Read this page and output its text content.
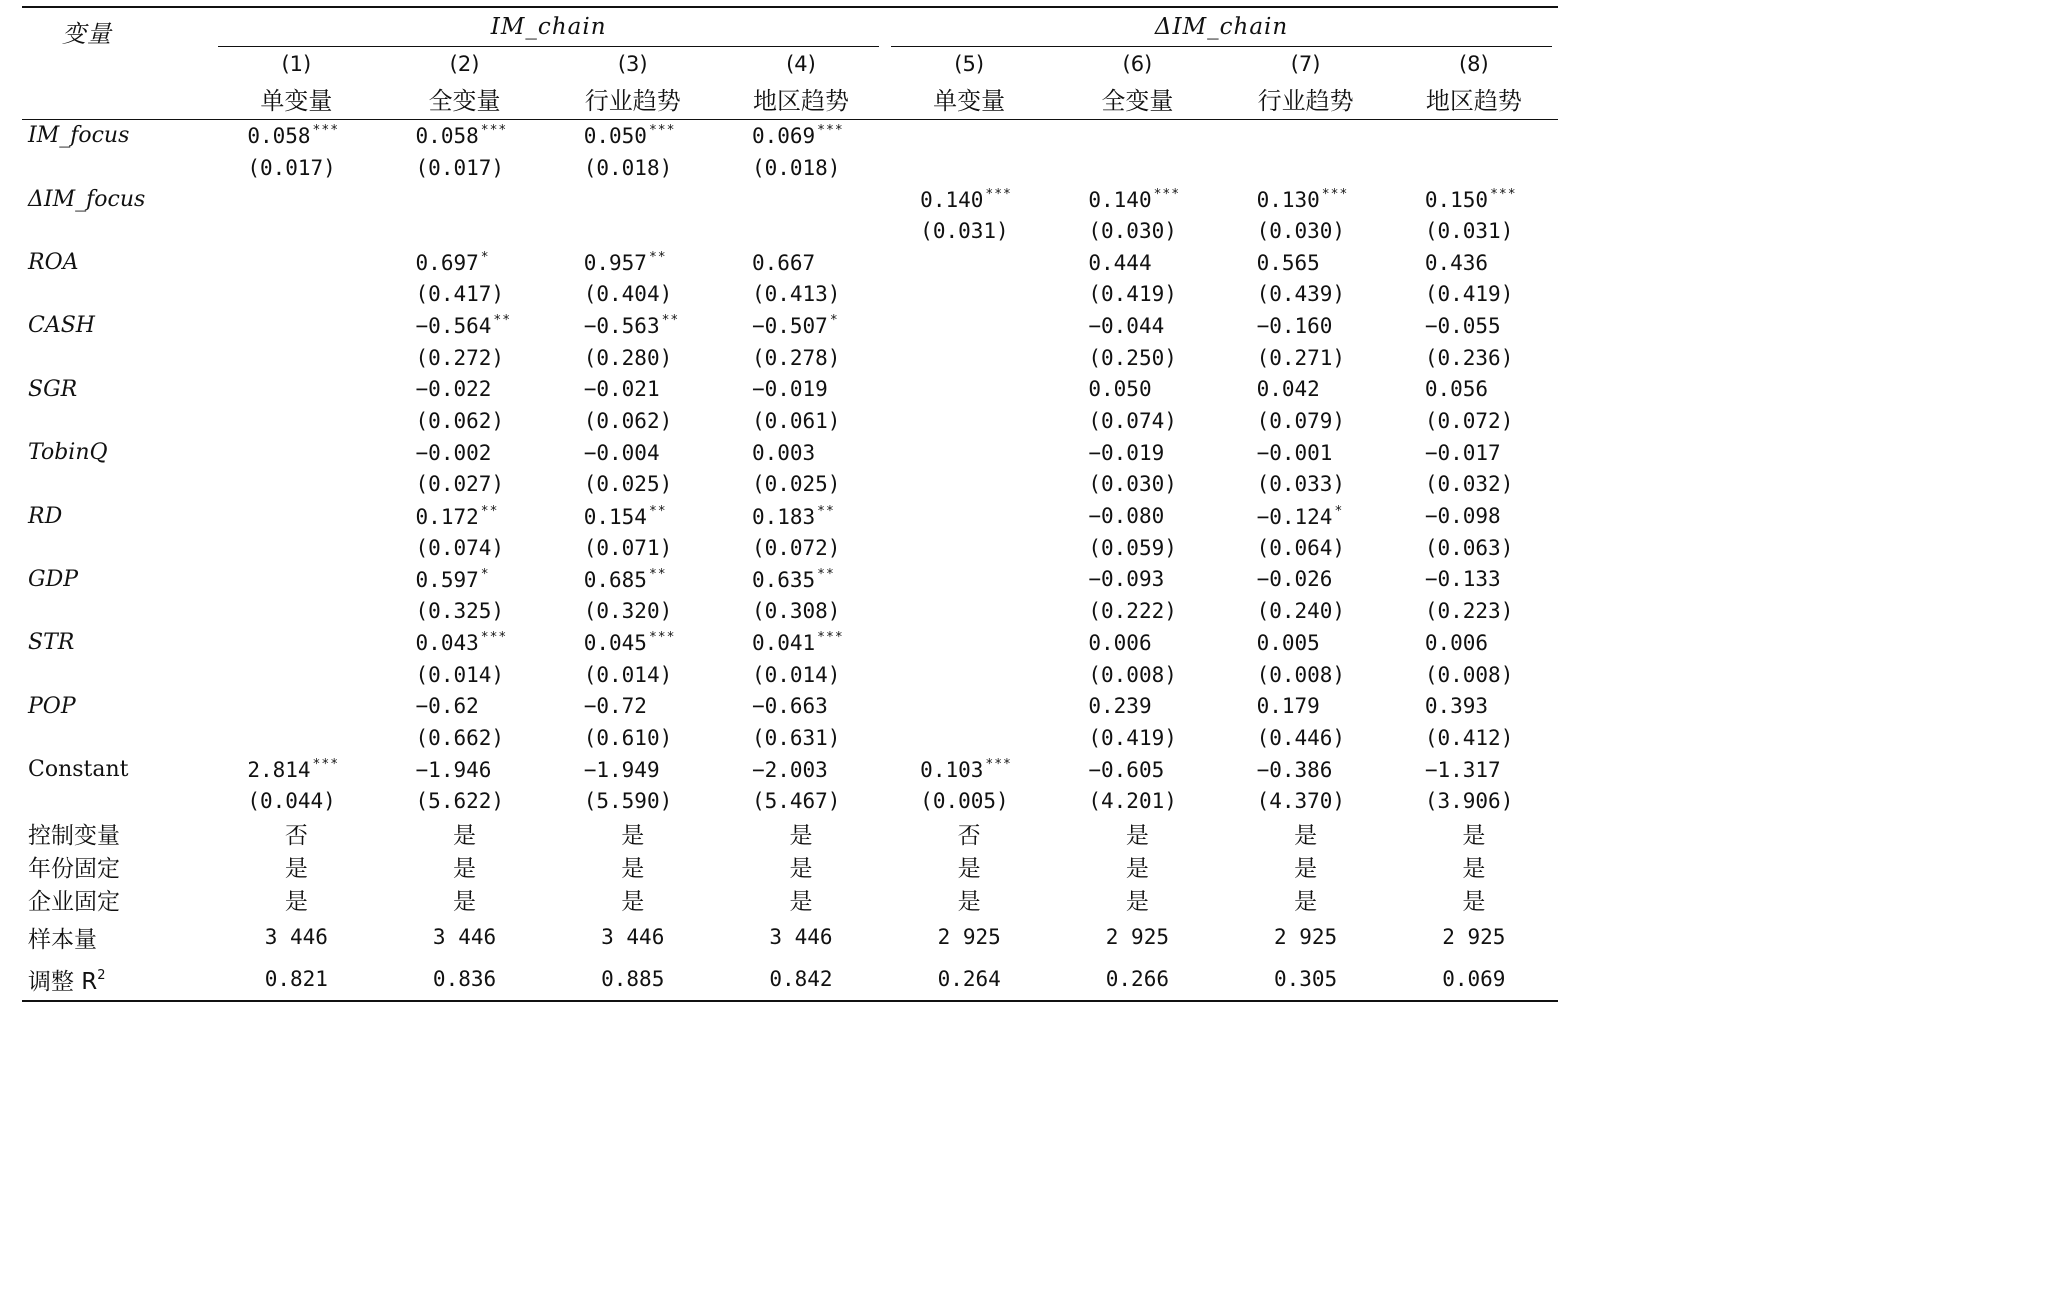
变量	IM_chain				ΔIM_chain			

	(1)	(2)	(3)	(4)	(5)	(6)	(7)	(8)
	单变量	全变量	行业趋势	地区趋势	单变量	全变量	行业趋势	地区趋势
IM_focus	0.058 ***	0.058 ***	0.050 ***	0.069 ***				
	(0.017)	(0.017)	(0.018)	(0.018)				
ΔIM_focus					0.140 ***	0.140 ***	0.130 ***	0.150 ***
					(0.031)	(0.030)	(0.030)	(0.031)
ROA		0.697 *	0.957 **	0.667		0.444	0.565	0.436
		(0.417)	(0.404)	(0.413)		(0.419)	(0.439)	(0.419)
CASH		−0.564 **	−0.563 **	−0.507 *		−0.044	−0.160	−0.055
		(0.272)	(0.280)	(0.278)		(0.250)	(0.271)	(0.236)
SGR		−0.022	−0.021	−0.019		0.050	0.042	0.056
		(0.062)	(0.062)	(0.061)		(0.074)	(0.079)	(0.072)
TobinQ		−0.002	−0.004	0.003		−0.019	−0.001	−0.017
		(0.027)	(0.025)	(0.025)		(0.030)	(0.033)	(0.032)
RD		0.172 **	0.154 **	0.183 **		−0.080	−0.124 *	−0.098
		(0.074)	(0.071)	(0.072)		(0.059)	(0.064)	(0.063)
GDP		0.597 *	0.685 **	0.635 **		−0.093	−0.026	−0.133
		(0.325)	(0.320)	(0.308)		(0.222)	(0.240)	(0.223)
STR		0.043 ***	0.045 ***	0.041 ***		0.006	0.005	0.006
		(0.014)	(0.014)	(0.014)		(0.008)	(0.008)	(0.008)
POP		−0.62	−0.72	−0.663		0.239	0.179	0.393
		(0.662)	(0.610)	(0.631)		(0.419)	(0.446)	(0.412)
Constant	2.814 ***	−1.946	−1.949	−2.003	0.103 ***	−0.605	−0.386	−1.317
	(0.044)	(5.622)	(5.590)	(5.467)	(0.005)	(4.201)	(4.370)	(3.906)
控制变量	否	是	是	是	否	是	是	是
年份固定	是	是	是	是	是	是	是	是
企业固定	是	是	是	是	是	是	是	是
样本量	3 446	3 446	3 446	3 446	2 925	2 925	2 925	2 925
调整 $R^2$	0.821	0.836	0.885	0.842	0.264	0.266	0.305	0.069
